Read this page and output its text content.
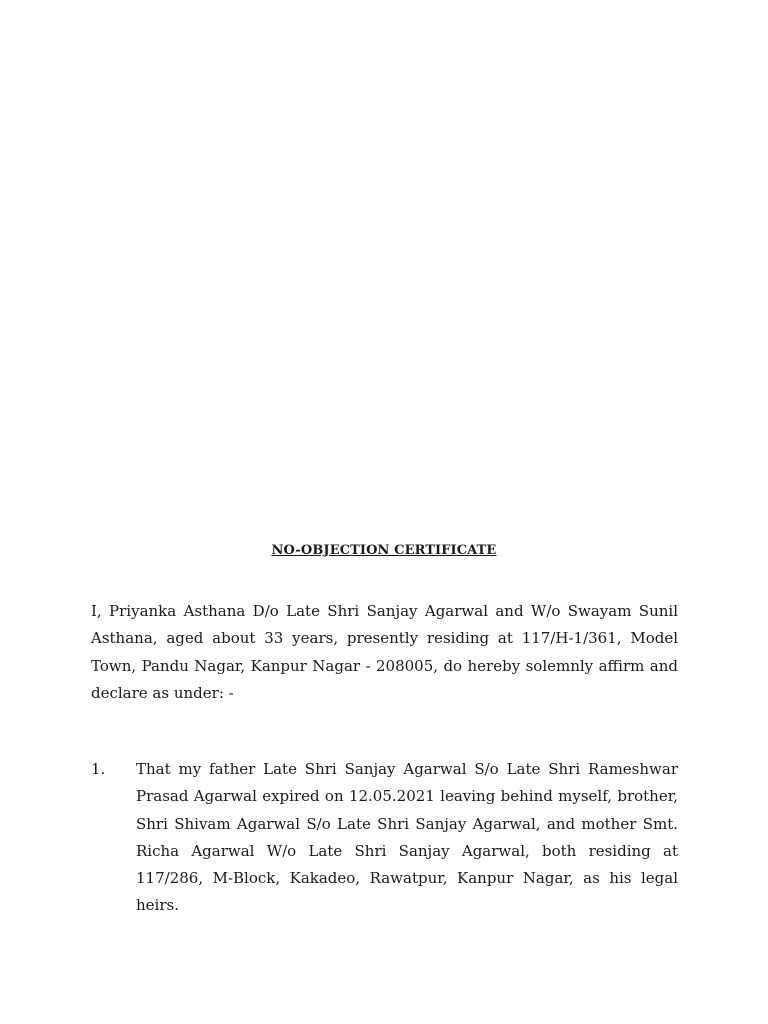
NO-OBJECTION CERTIFICATE

I, Priyanka Asthana D/o Late Shri Sanjay Agarwal and W/o Swayam Sunil Asthana, aged about 33 years, presently residing at 117/H-1/361, Model Town, Pandu Nagar, Kanpur Nagar - 208005, do hereby solemnly affirm and declare as under: -

1.	That my father Late Shri Sanjay Agarwal S/o Late Shri Rameshwar Prasad Agarwal expired on 12.05.2021 leaving behind myself, brother, Shri Shivam Agarwal S/o Late Shri Sanjay Agarwal, and mother Smt. Richa Agarwal W/o Late Shri Sanjay Agarwal, both residing at 117/286, M-Block, Kakadeo, Rawatpur, Kanpur Nagar, as his legal heirs.
